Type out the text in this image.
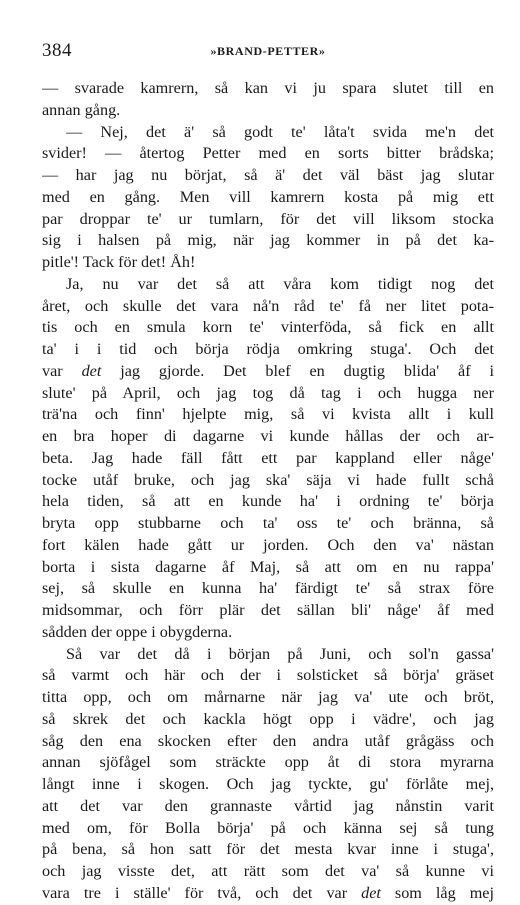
384	»BRAND-PETTER»
— svarade kamrern, så kan vi ju spara slutet till en
annan gång.
— Nej, det ä' så godt te' låta't svida me'n det
svider! — återtog Petter med en sorts bitter brådska;
— har jag nu börjat, så ä' det väl bäst jag slutar
med en gång. Men vill kamrern kosta på mig ett
par droppar te' ur tumlarn, för det vill liksom stocka
sig i halsen på mig, när jag kommer in på det ka-
pitle'! Tack för det! Åh!
Ja, nu var det så att våra kom tidigt nog det
året, och skulle det vara nå'n råd te' få ner litet pota-
tis och en smula korn te' vinterföda, så fick en allt
ta' i i tid och börja rödja omkring stuga'. Och det
var det jag gjorde. Det blef en dugtig blida' åf i
slute' på April, och jag tog då tag i och hugga ner
trä'na och finn' hjelpte mig, så vi kvista allt i kull
en bra hoper di dagarne vi kunde hållas der och ar-
beta. Jag hade fäll fått ett par kappland eller någe'
tocke utåf bruke, och jag ska' säja vi hade fullt schå
hela tiden, så att en kunde ha' i ordning te' börja
bryta opp stubbarne och ta' oss te' och bränna, så
fort kälen hade gått ur jorden. Och den va' nästan
borta i sista dagarne åf Maj, så att om en nu rappa'
sej, så skulle en kunna ha' färdigt te' så strax före
midsommar, och förr plär det sällan bli' någe' åf med
sådden der oppe i obygderna.
Så var det då i början på Juni, och sol'n gassa'
så varmt och här och der i solsticket så börja' gräset
titta opp, och om mårnarne när jag va' ute och bröt,
så skrek det och kackla högt opp i vädre', och jag
såg den ena skocken efter den andra utåf grågäss och
annan sjöfågel som sträckte opp åt di stora myrarna
långt inne i skogen. Och jag tyckte, gu' förlåte mej,
att det var den grannaste vårtid jag nånstin varit
med om, för Bolla börja' på och känna sej så tung
på bena, så hon satt för det mesta kvar inne i stuga',
och jag visste det, att rätt som det va' så kunne vi
vara tre i ställe' för två, och det var det som låg mej
